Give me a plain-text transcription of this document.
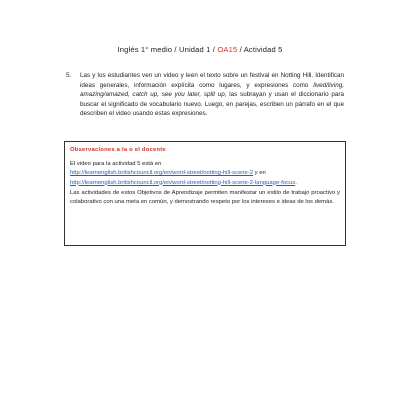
Inglés 1° medio / Unidad 1 / OA15 / Actividad 5
5.	Las y los estudiantes ven un video y leen el texto sobre un festival en Notting Hill. Identifican ideas generales, información explícita como lugares, y expresiones como lived/living, amazing/amazed, catch up, see you later, split up, las subrayan y usan el diccionario para buscar el significado de vocabulario nuevo. Luego, en parejas, escriben un párrafo en el que describen el video usando estas expresiones.
Observaciones a la o el docente

El video para la actividad 5 está en
http://learnenglish.britishcouncil.org/en/word-street/notting-hill-scene-2 y en
http://learnenglish.britishcouncil.org/en/word-street/notting-hill-scene-2-language-focus.

Las actividades de estos Objetivos de Aprendizaje permiten manifestar un estilo de trabajo proactivo y colaborativo con una meta en común, y demostrando respeto por los intereses e ideas de los demás.
